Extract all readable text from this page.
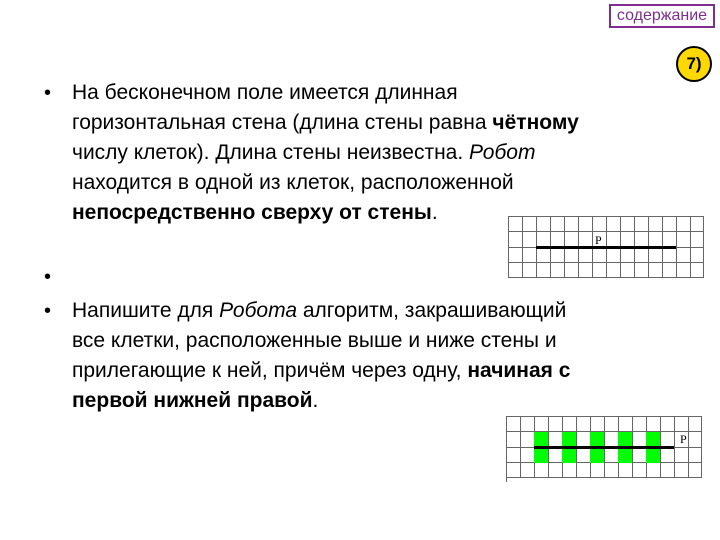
содержание
7)
• На бесконечном поле имеется длинная
горизонтальная стена (длина стены равна чётному
числу клеток). Длина стены неизвестна. Робот
находится в одной из клеток, расположенной
непосредственно сверху от стены.
•
• Напишите для Робота алгоритм, закрашивающий
все клетки, расположенные выше и ниже стены и
прилегающие к ней, причём через одну, начиная с
первой нижней правой.
Р
Р
